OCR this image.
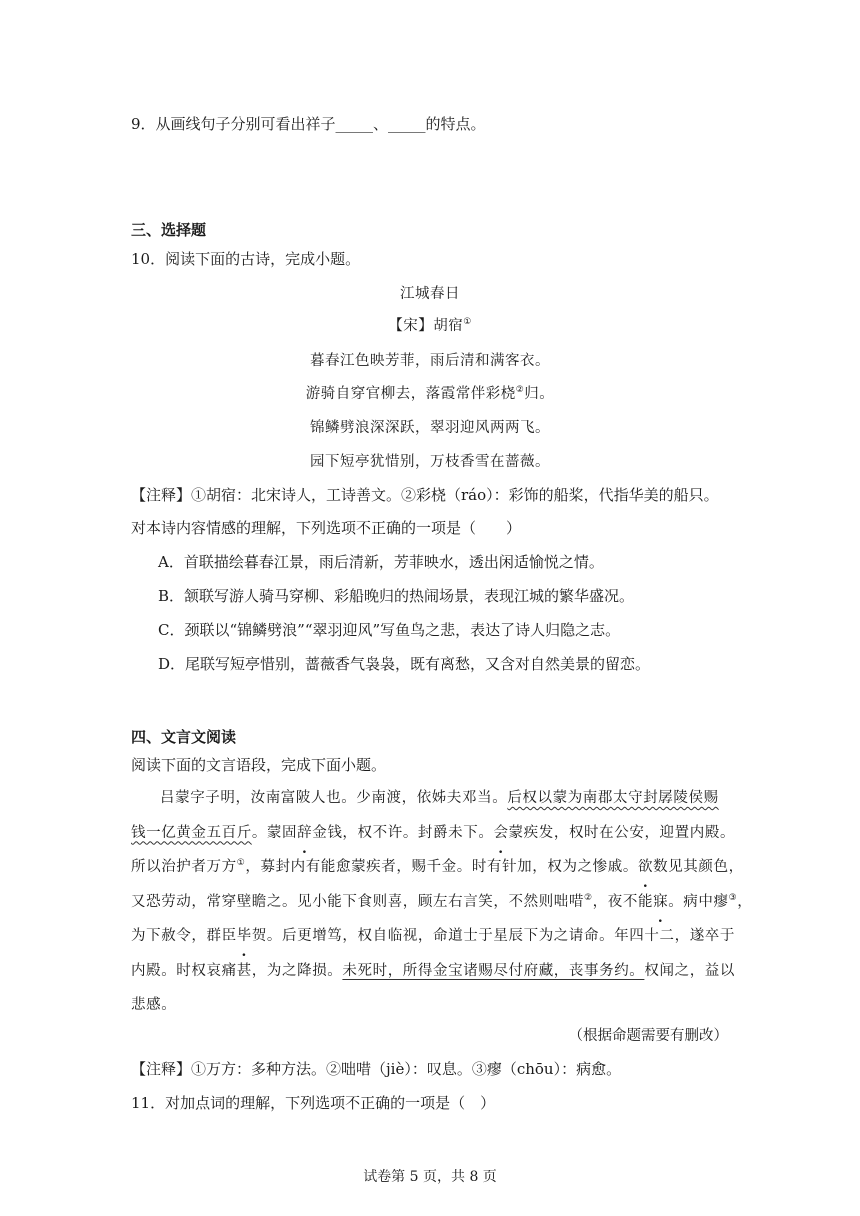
9．从画线句子分别可看出祥子_____、_____的特点。
三、选择题
10．阅读下面的古诗，完成小题。
江城春日
【宋】胡宿①
暮春江色映芳菲，雨后清和满客衣。
游骑自穿官柳去，落霞常伴彩桡②归。
锦鳞劈浪深深跃，翠羽迎风两两飞。
园下短亭犹惜别，万枝香雪在蔷薇。
【注释】①胡宿：北宋诗人，工诗善文。②彩桡（ráo）：彩饰的船桨，代指华美的船只。
对本诗内容情感的理解，下列选项不正确的一项是（　　）
A．首联描绘暮春江景，雨后清新，芳菲映水，透出闲适愉悦之情。
B．颔联写游人骑马穿柳、彩船晚归的热闹场景，表现江城的繁华盛况。
C．颈联以“锦鳞劈浪”“翠羽迎风”写鱼鸟之悲，表达了诗人归隐之志。
D．尾联写短亭惜别，蔷薇香气袅袅，既有离愁，又含对自然美景的留恋。
四、文言文阅读
阅读下面的文言语段，完成下面小题。

吕蒙字子明，汝南富陂人也。少南渡，依姊夫邓当。后权以蒙为南郡太守封孱陵侯赐

钱一亿黄金五百斤。蒙固辞金钱，权不许。封爵未下。会蒙疾发，权时在公安，迎置内殿。

所以治护者万方①，募封内有能愈蒙疾者，赐千金。时有针加，权为之惨戚。欲数见其颜色，

又恐劳动，常穿壁瞻之。见小能下食则喜，顾左右言笑，不然则咄唶②，夜不能寐。病中瘳③，

为下赦令，群臣毕贺。后更增笃，权自临视，命道士于星辰下为之请命。年四十二，遂卒于

内殿。时权哀痛甚，为之降损。未死时，所得金宝诸赐尽付府藏，丧事务约。权闻之，益以

悲感。

（根据命题需要有删改）
【注释】①万方：多种方法。②咄唶（jiè）：叹息。③瘳（chōu）：病愈。
11．对加点词的理解，下列选项不正确的一项是（　）
试卷第 5 页，共 8 页
